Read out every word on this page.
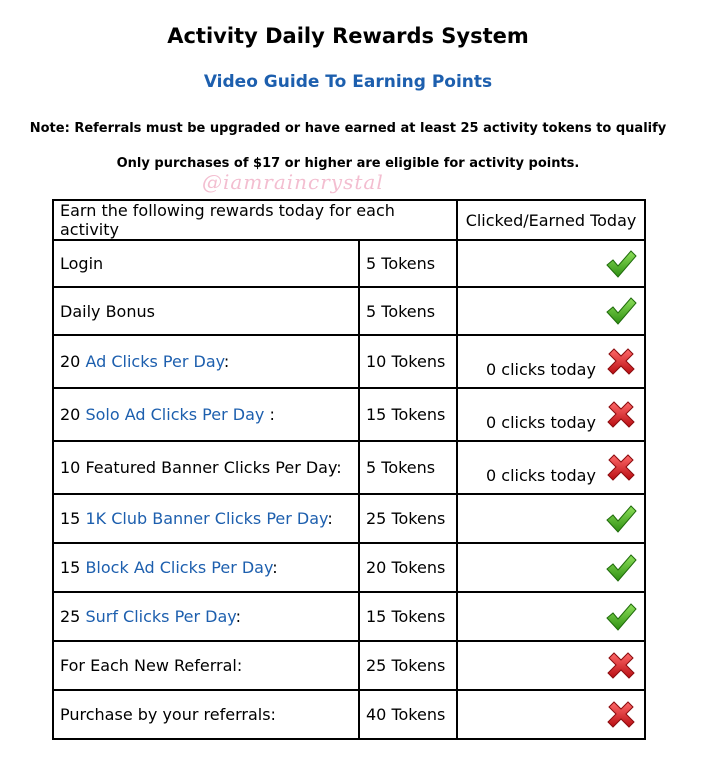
Activity Daily Rewards System
Video Guide To Earning Points
Note: Referrals must be upgraded or have earned at least 25 activity tokens to qualify
Only purchases of $17 or higher are eligible for activity points.
@iamraincrystal
Earn the following rewards today for each activity		Clicked/Earned Today
Login	5 Tokens	

Daily Bonus	5 Tokens	

20 Ad Clicks Per Day:	10 Tokens	0 clicks today

20 Solo Ad Clicks Per Day :	15 Tokens	0 clicks today

10 Featured Banner Clicks Per Day:	5 Tokens	0 clicks today

15 1K Club Banner Clicks Per Day:	25 Tokens	

15 Block Ad Clicks Per Day:	20 Tokens	

25 Surf Clicks Per Day:	15 Tokens	

For Each New Referral:	25 Tokens	

Purchase by your referrals:	40 Tokens	
